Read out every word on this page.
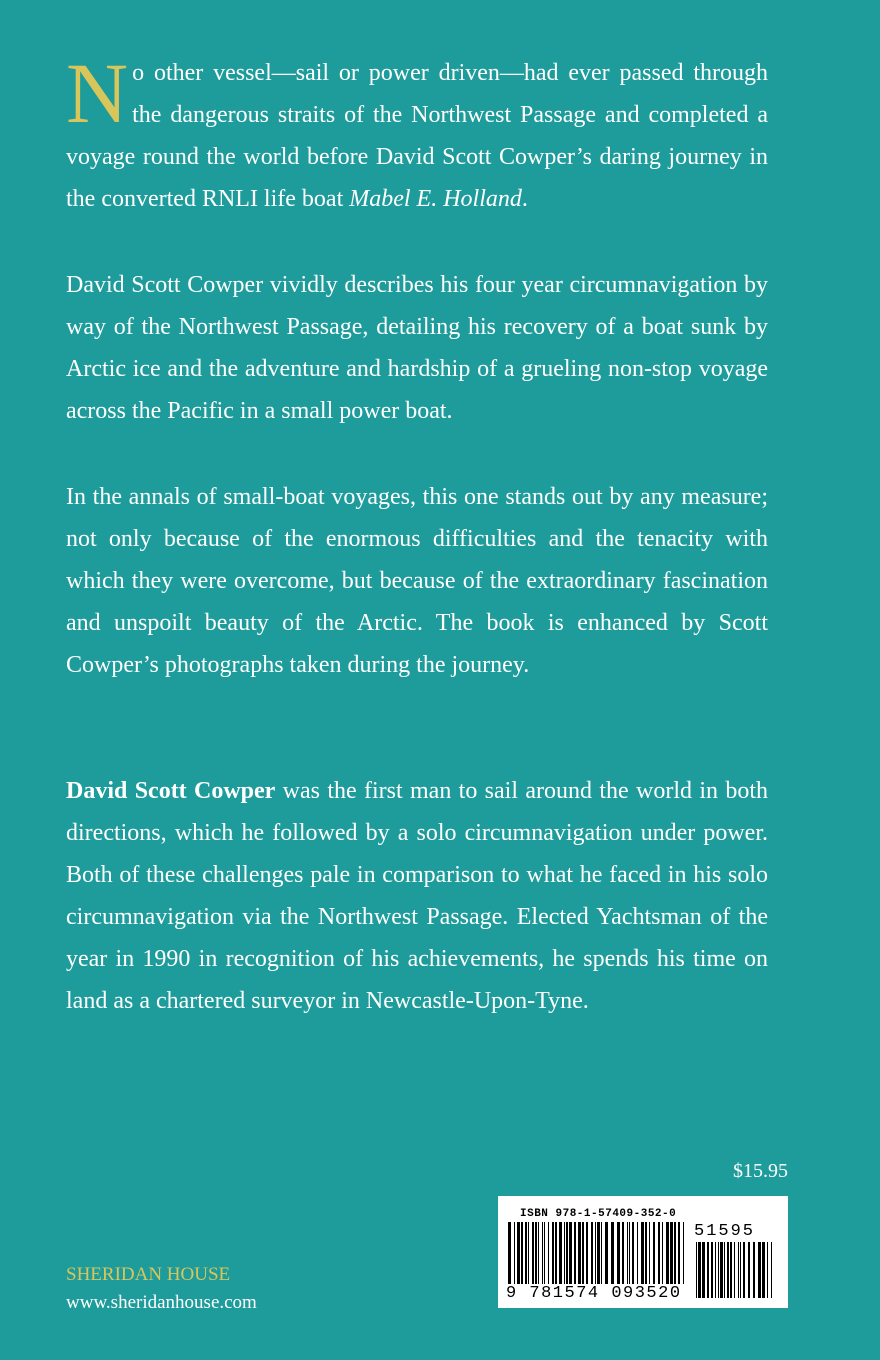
No other vessel—sail or power driven—had ever passed through the dangerous straits of the Northwest Passage and completed a voyage round the world before David Scott Cowper’s daring journey in the converted RNLI life boat Mabel E. Holland.

David Scott Cowper vividly describes his four year circumnavigation by way of the Northwest Passage, detailing his recovery of a boat sunk by Arctic ice and the adventure and hardship of a grueling non-stop voyage across the Pacific in a small power boat.

In the annals of small-boat voyages, this one stands out by any measure; not only because of the enormous difficulties and the tenacity with which they were overcome, but because of the extraordinary fascination and unspoilt beauty of the Arctic. The book is enhanced by Scott Cowper’s photographs taken during the journey.

David Scott Cowper was the first man to sail around the world in both directions, which he followed by a solo circumnavigation under power. Both of these challenges pale in comparison to what he faced in his solo circumnavigation via the Northwest Passage. Elected Yachtsman of the year in 1990 in recognition of his achievements, he spends his time on land as a chartered surveyor in Newcastle-Upon-Tyne.

$15.95
ISBN 978-1-57409-352-0
9 781574 093520
51595
SHERIDAN HOUSE
www.sheridanhouse.com
